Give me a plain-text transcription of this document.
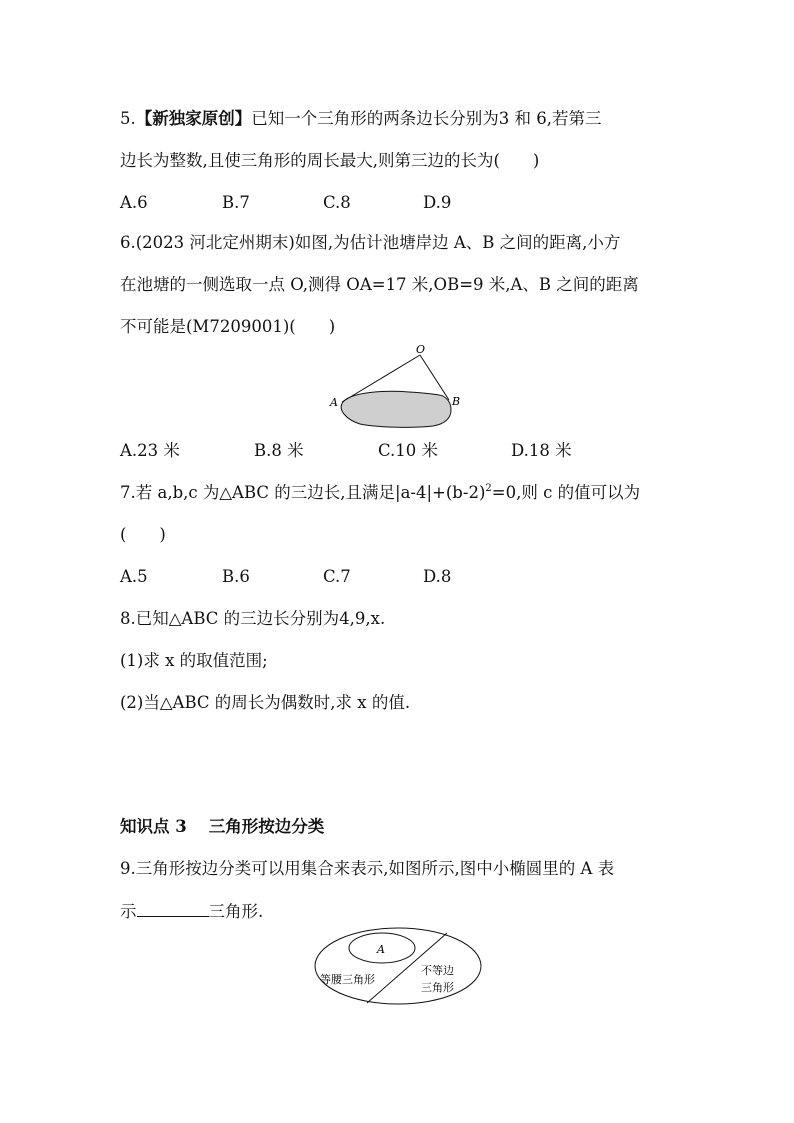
5.【新独家原创】已知一个三角形的两条边长分别为3 和 6,若第三
边长为整数,且使三角形的周长最大,则第三边的长为(　　)
A.6	B.7	C.8	D.9
6.(2023 河北定州期末)如图,为估计池塘岸边 A、B 之间的距离,小方
在池塘的一侧选取一点 O,测得 OA=17 米,OB=9 米,A、B 之间的距离
不可能是(M7209001)(　　)
O
A	B
A.23 米	B.8 米	C.10 米	D.18 米
7.若 a,b,c 为△ABC 的三边长,且满足$|a-4|+(b-2)^2=0$,则 c 的值可以为
(　　)
A.5	B.6	C.7	D.8
8.已知△ABC 的三边长分别为4,9,x.
(1)求 x 的取值范围;
(2)当△ABC 的周长为偶数时,求 x 的值.
知识点 3 三角形按边分类
9.三角形按边分类可以用集合来表示,如图所示,图中小椭圆里的 A 表
示	三角形.
A
等腰三角形
不等边
三角形
